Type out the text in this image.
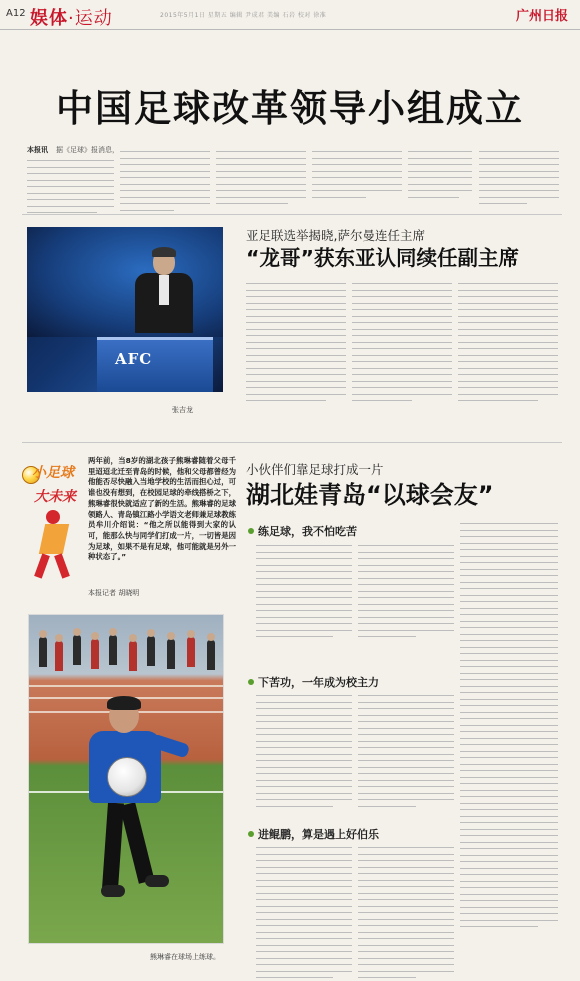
A12 娱体·运动	2015年5月1日 星期五 编辑 尹成君 美编 石岩 校对 徐准	广州日报
中国足球改革领导小组成立
本报讯 据《足球》报消息，
AFC
张吉龙
亚足联选举揭晓,萨尔曼连任主席
“龙哥”获东亚认同续任副主席
小足球
大未来
两年前，当8岁的湖北孩子熊琳睿随着父母千里迢迢北迁至青岛的时候，他和父母都曾经为他能否尽快融入当地学校的生活而担心过，可谁也没有想到，在校园足球的牵线搭桥之下，熊琳睿很快就适应了新的生活。熊琳睿的足球领路人、青岛镇江路小学语文老师兼足球教练员牟川介绍说：“他之所以能得到大家的认可，能那么快与同学们打成一片，一切皆是因为足球，如果不是有足球，他可能就是另外一种状态了。”
本报记者 胡晓明
小伙伴们靠足球打成一片
湖北娃青岛“以球会友”
练足球，我不怕吃苦
下苦功，一年成为校主力
进鲲鹏，算是遇上好伯乐
熊琳睿在球场上练球。
